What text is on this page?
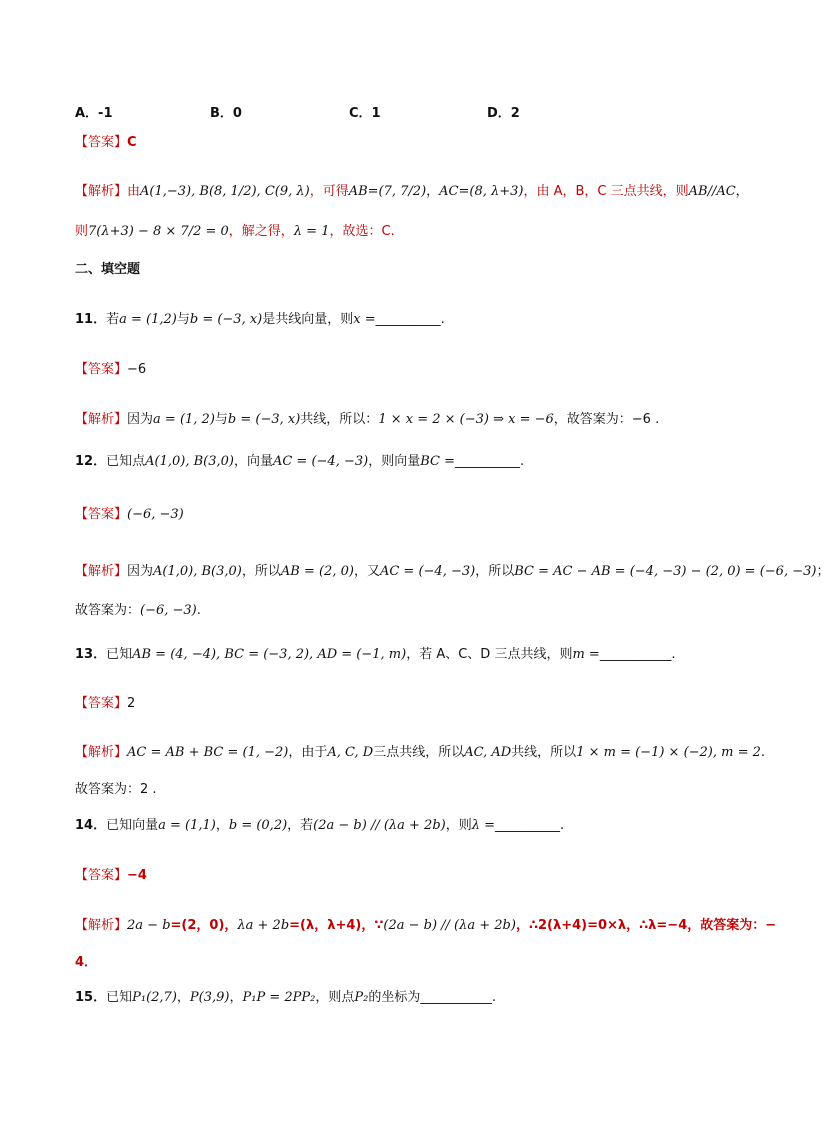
A．-1	B．0	C．1	D．2
【答案】C
【解析】由A(1,−3), B(8, 1/2), C(9, λ)，可得AB=(7, 7/2)，AC=(8, λ+3)，由 A，B，C 三点共线，则AB//AC，
则7(λ+3) − 8 × 7/2 = 0，解之得，λ = 1，故选：C.
二、填空题
11．若a = (1,2)与b = (−3, x)是共线向量，则x =__________.
【答案】−6
【解析】因为a = (1, 2)与b = (−3, x)共线，所以：1 × x = 2 × (−3) ⇒ x = −6，故答案为：−6 .
12．已知点A(1,0), B(3,0)，向量AC = (−4, −3)，则向量BC =__________.
【答案】(−6, −3)
【解析】因为A(1,0), B(3,0)，所以AB = (2, 0)，又AC = (−4, −3)，所以BC = AC − AB = (−4, −3) − (2, 0) = (−6, −3)；
故答案为：(−6, −3).
13．已知AB = (4, −4), BC = (−3, 2), AD = (−1, m)，若 A、C、D 三点共线，则m =___________.
【答案】2
【解析】AC = AB + BC = (1, −2)，由于A, C, D三点共线，所以AC, AD共线，所以1 × m = (−1) × (−2), m = 2.
故答案为：2 .
14．已知向量a = (1,1)，b = (0,2)，若(2a − b) // (λa + 2b)，则λ =__________.
【答案】−4
【解析】2a − b=(2，0)，λa + 2b=(λ，λ+4)，∵(2a − b) // (λa + 2b)，∴2(λ+4)=0×λ，∴λ=−4，故答案为：−
4．
15．已知P₁(2,7)，P(3,9)，P₁P = 2PP₂，则点P₂的坐标为___________.
